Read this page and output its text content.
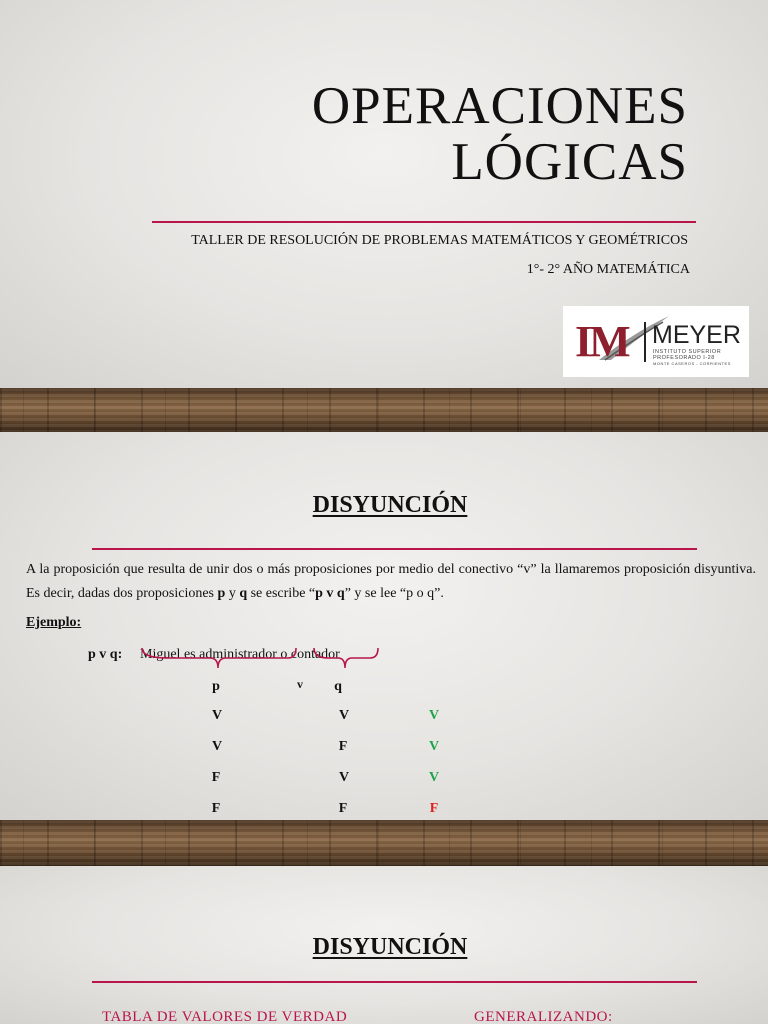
OPERACIONES
LÓGICAS
TALLER DE RESOLUCIÓN DE PROBLEMAS MATEMÁTICOS Y GEOMÉTRICOS
1°- 2° AÑO MATEMÁTICA
IM MEYER
INSTITUTO SUPERIOR
PROFESORADO I-28
MONTE CASEROS - CORRIENTES
DISYUNCIÓN

A la proposición que resulta de unir dos o más proposiciones por medio del conectivo “v” la llamaremos proposición disyuntiva. Es decir, dadas dos proposiciones p y q se escribe “p v q” y se lee “p o q”.

Ejemplo:
p v q: Miguel es administrador o contador
p	v	q
V	V	V
V	F	V
F	V	V
F	F	F
DISYUNCIÓN
TABLA DE VALORES DE VERDAD	GENERALIZANDO:
